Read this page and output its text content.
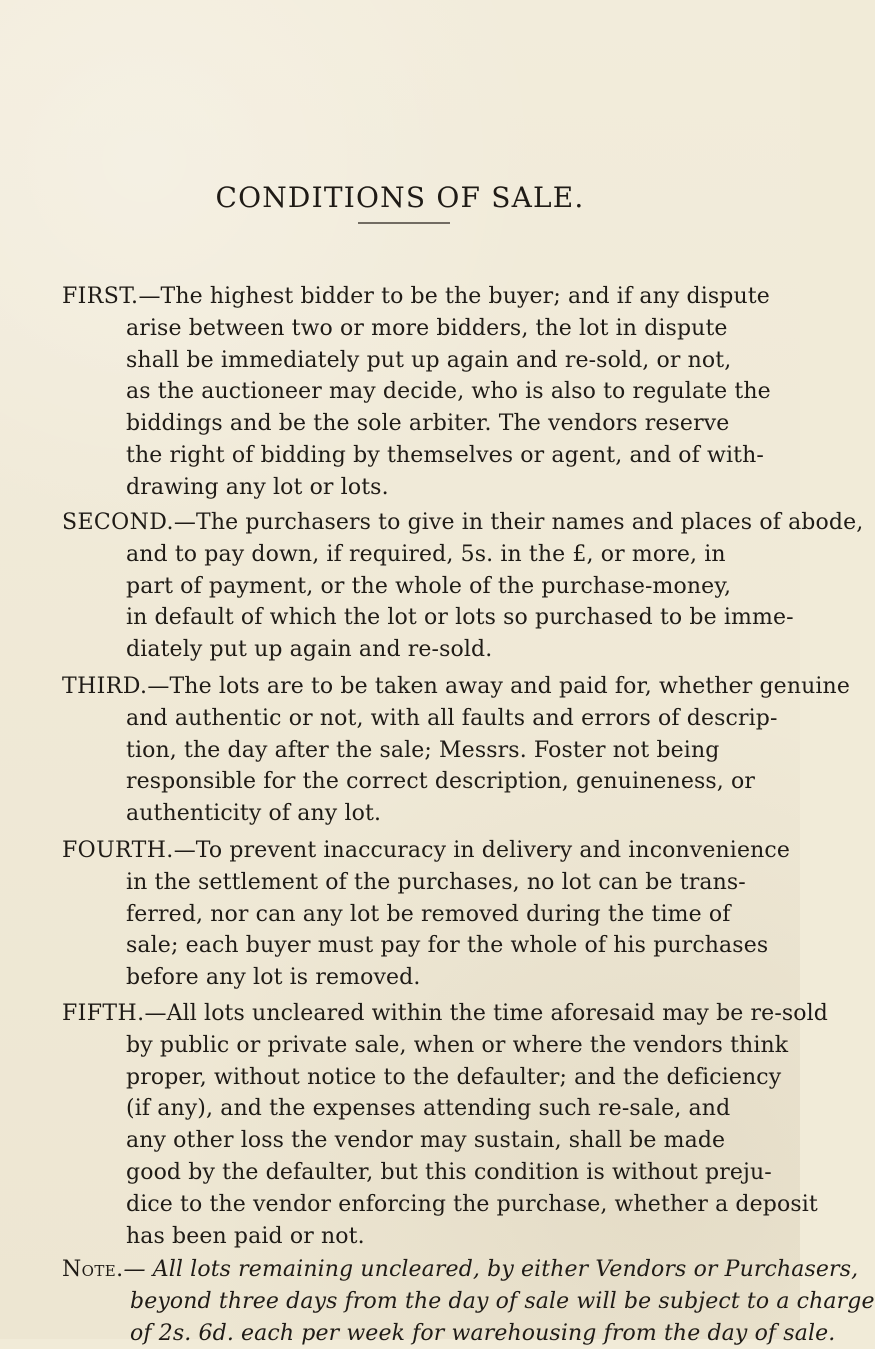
CONDITIONS OF SALE.
FIRST.—The highest bidder to be the buyer; and if any dispute
arise between two or more bidders, the lot in dispute
shall be immediately put up again and re-sold, or not,
as the auctioneer may decide, who is also to regulate the
biddings and be the sole arbiter. The vendors reserve
the right of bidding by themselves or agent, and of with-
drawing any lot or lots.
SECOND.—The purchasers to give in their names and places of abode,
and to pay down, if required, 5s. in the £, or more, in
part of payment, or the whole of the purchase-money,
in default of which the lot or lots so purchased to be imme-
diately put up again and re-sold.
THIRD.—The lots are to be taken away and paid for, whether genuine
and authentic or not, with all faults and errors of descrip-
tion, the day after the sale; Messrs. Foster not being
responsible for the correct description, genuineness, or
authenticity of any lot.
FOURTH.—To prevent inaccuracy in delivery and inconvenience
in the settlement of the purchases, no lot can be trans-
ferred, nor can any lot be removed during the time of
sale; each buyer must pay for the whole of his purchases
before any lot is removed.
FIFTH.—All lots uncleared within the time aforesaid may be re-sold
by public or private sale, when or where the vendors think
proper, without notice to the defaulter; and the deficiency
(if any), and the expenses attending such re-sale, and
any other loss the vendor may sustain, shall be made
good by the defaulter, but this condition is without preju-
dice to the vendor enforcing the purchase, whether a deposit
has been paid or not.
Note.— All lots remaining uncleared, by either Vendors or Purchasers,
beyond three days from the day of sale will be subject to a charge
of 2s. 6d. each per week for warehousing from the day of sale.
